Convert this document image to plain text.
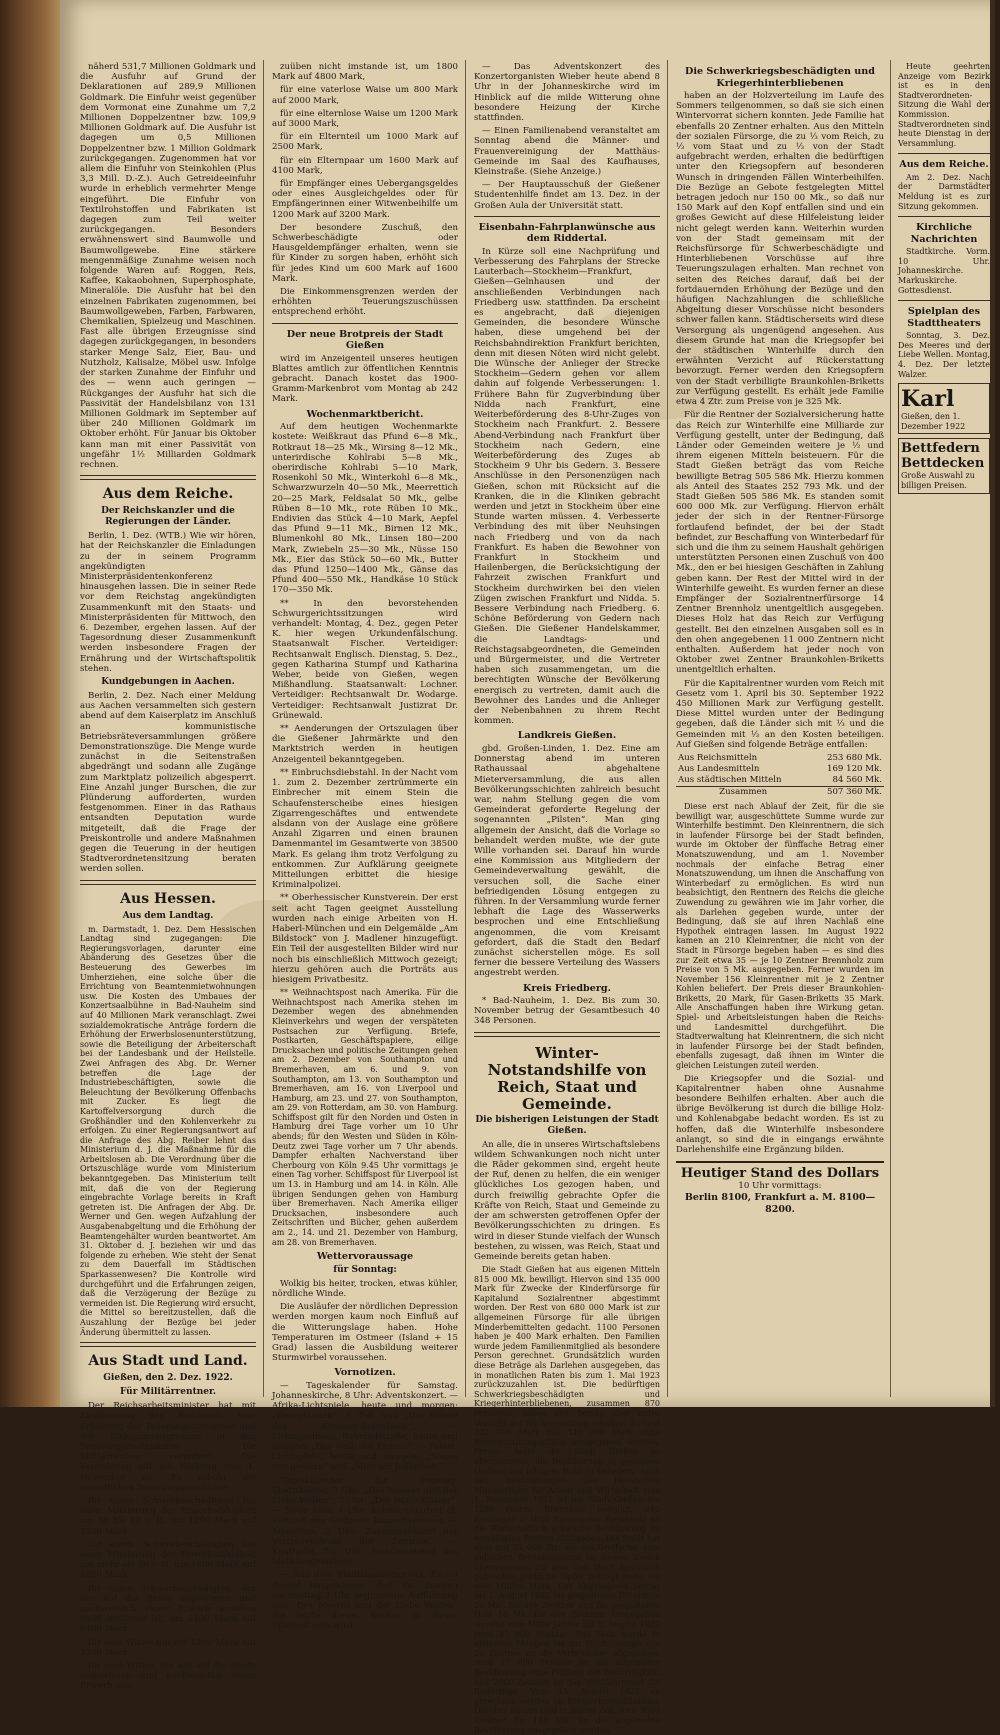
näherd 531,7 Millionen Goldmark und die Ausfuhr auf Grund der Deklarationen auf 289,9 Millionen Goldmark. Die Einfuhr weist gegenüber dem Vormonat eine Zunahme um 7,2 Millionen Doppelzentner bzw. 109,9 Millionen Goldmark auf. Die Ausfuhr ist dagegen um 0,5 Millionen Doppelzentner bzw. 1 Million Goldmark zurückgegangen. Zugenommen hat vor allem die Einfuhr von Steinkohlen (Plus 3,3 Mill. D.-Z.). Auch Getreideeinfuhr wurde in erheblich vermehrter Menge eingeführt. Die Einfuhr von Textilrohstoffen und Fabrikaten ist dagegen zum Teil weiter zurückgegangen. Besonders erwähnenswert sind Baumwolle und Baumwollgewebe. Eine stärkere mengenmäßige Zunahme weisen noch folgende Waren auf: Roggen, Reis, Kaffee, Kakaobohnen, Superphosphate, Mineralöle. Die Ausfuhr hat bei den einzelnen Fabrikaten zugenommen, bei Baumwollgeweben, Farben, Farbwaren, Chemikalien, Spielzeug und Maschinen. Fast alle übrigen Erzeugnisse sind dagegen zurückgegangen, in besonders starker Menge Salz, Eier, Bau- und Nutzholz, Kalisalze, Möbel usw. Infolge der starken Zunahme der Einfuhr und des — wenn auch geringen — Rückganges der Ausfuhr hat sich die Passivität der Handelsbilanz von 131 Millionen Goldmark im September auf über 240 Millionen Goldmark im Oktober erhöht. Für Januar bis Oktober kann man mit einer Passivität von ungefähr 1½ Milliarden Goldmark rechnen.

Aus dem Reiche.
Der Reichskanzler und die Regierungen der Länder.

Berlin, 1. Dez. (WTB.) Wie wir hören, hat der Reichskanzler die Einladungen zu der in seinem Programm angekündigten Ministerpräsidentenkonferenz hinausgehen lassen. Die in seiner Rede vor dem Reichstag angekündigten Zusammenkunft mit den Staats- und Ministerpräsidenten für Mittwoch, den 6. Dezember, ergehen lassen. Auf der Tagesordnung dieser Zusammenkunft werden insbesondere Fragen der Ernährung und der Wirtschaftspolitik stehen.

Kundgebungen in Aachen.

Berlin, 2. Dez. Nach einer Meldung aus Aachen versammelten sich gestern abend auf dem Kaiserplatz im Anschluß an kommunistische Betriebsräteversammlungen größere Demonstrationszüge. Die Menge wurde zunächst in die Seitenstraßen abgedrängt und sodann alle Zugänge zum Marktplatz polizeilich abgesperrt. Eine Anzahl junger Burschen, die zur Plünderung aufforderten, wurden festgenommen. Einer in das Rathaus entsandten Deputation wurde mitgeteilt, daß die Frage der Preiskontrolle und andere Maßnahmen gegen die Teuerung in der heutigen Stadtverordnetensitzung beraten werden sollen.

Aus Hessen.
Aus dem Landtag.

m. Darmstadt, 1. Dez. Dem Hessischen Landtag sind zugegangen: Die Regierungsvorlagen, darunter eine Abänderung des Gesetzes über die Besteuerung des Gewerbes im Umherziehen, eine solche über die Errichtung von Beamtenmietwohnungen usw. Die Kosten des Umbaues der Konzertsaalbühne in Bad-Nauheim sind auf 40 Millionen Mark veranschlagt. Zwei sozialdemokratische Anträge fordern die Erhöhung der Erwerbslosenunterstützung, sowie die Beteiligung der Arbeiterschaft bei der Landesbank und der Heilstelle. Zwei Anfragen des Abg. Dr. Werner betreffen die Lage der Industriebeschäftigten, sowie die Beleuchtung der Bevölkerung Offenbachs mit Zucker. Es liegt die Kartoffelversorgung durch die Großhändler und den Kohlenverkehr zu erfolgen. Zu einer Regierungsantwort auf die Anfrage des Abg. Reiber lehnt das Ministerium d. J. die Maßnahme für die Arbeitslosen ab. Die Verordnung über die Ortszuschläge wurde vom Ministerium bekanntgegeben. Das Ministerium teilt mit, daß die von der Regierung eingebrachte Vorlage bereits in Kraft getreten ist. Die Anfragen der Abg. Dr. Werner und Gen. wegen Aufzahlung der Ausgabenabgeltung und die Erhöhung der Beamtengehälter wurden beantwortet. Am 31. Oktober d. J. beziehen wir und das folgende zu erheben. Wie steht der Senat zu dem Dauerfall im Städtischen Sparkassenwesen? Die Kontrolle wird durchgeführt und die Erfahrungen zeigen, daß die Verzögerung der Bezüge zu vermeiden ist. Die Regierung wird ersucht, die Mittel so bereitzustellen, daß die Auszahlung der Bezüge bei jeder Änderung übermittelt zu lassen.

Aus Stadt und Land.
Gießen, den 2. Dez. 1922.
Für Militärrentner.

Der Reichsarbeitsminister hat mit Zustimmung des Reichsrats eine Erhöhung der Teuerungszuschüsse und der Einkommensgrenzen in den Teuerungsmaßnahmen für Militärrentner verordnet. Die Verordnung gilt mit Wirkung vom 1. November ab. Es erhöht die monatlichen Teuerungszuschüsse:

für einen Schwerbeschädigten bei einer Minderung der Erwerbsfähigkeit um 50 bis 80 v. H. um 1200 Mark auf 3200 Mark,

für einen Schwerbeschädigten bei einer Minderung der Erwerbsfähigkeit um mehr als 80 v. H. um 1600 Mark auf 4800 Mark,

für einen Schwerbeschädigten, der nur auf die Rente angewiesen und nachweislich einen Erwerb ausüben nicht imstande ist, um 2400 Mark auf 6400 Mark,

für eine Witwe um auf 1200 Mark auf 3200 Mark,

für eine Witwe, die nur auf die Rente angewiesen und nachweislich einen Erwerb aus-

zuüben nicht imstande ist, um 1800 Mark auf 4800 Mark,

für eine vaterlose Waise um 800 Mark auf 2000 Mark,

für eine elternlose Waise um 1200 Mark auf 3000 Mark,

für ein Elternteil um 1000 Mark auf 2500 Mark,

für ein Elternpaar um 1600 Mark auf 4100 Mark,

für Empfänger eines Uebergangsgeldes oder eines Ausgleichgeldes oder für Empfängerinnen einer Witwenbeihilfe um 1200 Mark auf 3200 Mark.

Der besondere Zuschuß, den Schwerbeschädigte oder Hausgeldempfänger erhalten, wenn sie für Kinder zu sorgen haben, erhöht sich für jedes Kind um 600 Mark auf 1600 Mark.

Die Einkommensgrenzen werden der erhöhten Teuerungszuschüssen entsprechend erhöht.

Der neue Brotpreis der Stadt Gießen

wird im Anzeigenteil unseres heutigen Blattes amtlich zur öffentlichen Kenntnis gebracht. Danach kostet das 1900-Gramm-Markenbrot vom Montag ab 242 Mark.

Wochenmarktbericht.

Auf dem heutigen Wochenmarkte kostete: Weißkraut das Pfund 6—8 Mk., Rotkraut 18—25 Mk., Wirsing 8—12 Mk., unterirdische Kohlrabi 5—8 Mk., oberirdische Kohlrabi 5—10 Mark, Rosenkohl 50 Mk., Winterkohl 6—8 Mk., Schwarzwurzeln 40—50 Mk., Meerrettich 20—25 Mark, Feldsalat 50 Mk., gelbe Rüben 8—10 Mk., rote Rüben 10 Mk., Endivien das Stück 4—10 Mark, Aepfel das Pfund 9—11 Mk., Birnen 12 Mk., Blumenkohl 80 Mk., Linsen 180—200 Mark, Zwiebeln 25—30 Mk., Nüsse 150 Mk., Eier das Stück 50—60 Mk., Butter das Pfund 1250—1400 Mk., Gänse das Pfund 400—550 Mk., Handkäse 10 Stück 170—350 Mk.

** In den bevorstehenden Schwurgerichtssitzungen wird verhandelt: Montag, 4. Dez., gegen Peter K. hier wegen Urkundenfälschung. Staatsanwalt Fischer. Verteidiger: Rechtsanwalt Englisch. Dienstag, 5. Dez., gegen Katharina Stumpf und Katharina Weber, beide von Gießen, wegen Mißhandlung. Staatsanwalt: Lochner. Verteidiger: Rechtsanwalt Dr. Wodarge. Verteidiger: Rechtsanwalt Justizrat Dr. Grünewald.

** Aenderungen der Ortszulagen über die Gießener Jahrmärkte und den Marktstrich werden in heutigen Anzeigenteil bekanntgegeben.

** Einbruchsdiebstahl. In der Nacht vom 1. zum 2. Dezember zertrümmerte ein Einbrecher mit einem Stein die Schaufensterscheibe eines hiesigen Zigarrengeschäftes und entwendete alsdann von der Auslage eine größere Anzahl Zigarren und einen braunen Damenmantel im Gesamtwerte von 38500 Mark. Es gelang ihm trotz Verfolgung zu entkommen. Zur Aufklärung geeignete Mitteilungen erbittet die hiesige Kriminalpolizei.

** Oberhessischer Kunstverein. Der erst seit acht Tagen geeignet Ausstellung wurden nach einige Arbeiten von H. Haberl-München und ein Delgemälde „Am Bildstock“ von J. Madlener hinzugefügt. Ein Teil der ausgestellten Bilder wird nur noch bis einschließlich Mittwoch gezeigt; hierzu gehören auch die Porträts aus hiesigem Privatbesitz.

** Weihnachtspost nach Amerika. Für die Weihnachtspost nach Amerika stehen im Dezember wegen des abnehmenden Kleinverkehrs und wegen der verspäteten Postsachen zur Verfügung. Briefe, Postkarten, Geschäftspapiere, eilige Drucksachen und politische Zeitungen gehen am 2. Dezember von Southampton und Bremerhaven, am 6. und 9. von Southampton, am 13. von Southampton und Bremerhaven, am 16. von Liverpool und Hamburg, am 23. und 27. von Southampton, am 29. von Rotterdam, am 30. von Hamburg. Schiffspost gilt für den Norden und Osten in Hamburg drei Tage vorher um 10 Uhr abends; für den Westen und Süden in Köln-Deutz zwei Tage vorher um 7 Uhr abends. Dampfer erhalten Nachverstand über Cherbourg von Köln 9.45 Uhr vormittags je einen Tag vorher. Schiffspost für Liverpool ist um 13. in Hamburg und am 14. in Köln. Alle übrigen Sendungen gehen von Hamburg über Bremerhaven. Nach Amerika eiliger Drucksachen, insbesondere auch Zeitschriften und Bücher, gehen außerdem am 2., 14. und 21. Dezember von Hamburg, am 28. von Bremerhaven.

Wettervoraussage
für Sonntag:

Wolkig bis heiter, trocken, etwas kühler, nördliche Winde.

Die Ausläufer der nördlichen Depression werden morgen kaum noch Einfluß auf die Witterungslage haben. Hohe Temperaturen im Ostmeer (Island + 15 Grad) lassen die Ausbildung weiterer Sturmwirbel voraussehen.

Vornotizen.

— Tageskalender für Samstag. Johanneskirche, 8 Uhr: Adventskonzert. — Afrika-Lichtspiele, heute und morgen: „Rezeptsaiten“, 5 Teil, und „Die Würde des Kammer-Scharbach“. — Lichtspielhaus, Bahnhofstraße, heute und morgen: „Das Weib des Pharao“. — Palast-Lichtspiele, heute und morgen: „Sonne von gestern“ und „Alles um Jeffischen“.

Tageskalender für Sonntag. Stadttheater, 3 Uhr: „Des Meeres und der Liebe Wellen“; 7 Uhr: „Der letzte Walzer“. — Neue Aula, 4 Uhr: Kehner-Quartett (2. Konzert des Gießener Konzertvereins). — Aquarium, 3 Uhr: Zusammenkunft der Vertrauensleute der Zentrale. — Kaufhalle, 7½ Uhr: Familienabend des Mathäusgemeinde.

— Aus dem Stadttheaterbureau. Es sei darauf hingewiesen, daß die morgen nachmittag 3 Uhr beginnende Aufführung von „Des Meeres und der Liebe Wellen“ die letzte dieses Werkes in dieser Spielzeit sein wird.

— Das Adventskonzert des Konzertorganisten Wieber heute abend 8 Uhr in der Johanneskirche wird im Hinblick auf die milde Witterung ohne besondere Heizung der Kirche stattfinden.

— Einen Familienabend veranstaltet am Sonntag abend die Männer- und Frauenvereinigung der Matthäus-Gemeinde im Saal des Kaufhauses, Kleinstraße. (Siehe Anzeige.)

— Der Hauptausschuß der Gießener Studentenhilfe findet am 13. Dez. in der Großen Aula der Universität statt.

Eisenbahn-Fahrplanwünsche aus dem Riddertal.

In Kürze soll eine Nachprüfung und Verbesserung des Fahrplans der Strecke Lauterbach—Stockheim—Frankfurt, Gießen—Gelnhausen und der anschließenden Verbindungen nach Friedberg usw. stattfinden. Da erscheint es angebracht, daß diejenigen Gemeinden, die besondere Wünsche haben, diese umgehend bei der Reichsbahndirektion Frankfurt berichten, denn mit diesen Nöten wird nicht gelebt. Die Wünsche der Anlieger der Strecke Stockheim—Gedern gehen vor allem dahin auf folgende Verbesserungen: 1. Frühere Bahn für Zugverbindung über Nidda nach Frankfurt, eine Weiterbeförderung des 8-Uhr-Zuges von Stockheim nach Frankfurt. 2. Bessere Abend-Verbindung nach Frankfurt über Stockheim nach Gedern, eine Weiterbeförderung des Zuges ab Stockheim 9 Uhr bis Gedern. 3. Bessere Anschlüsse in den Personenzügen nach Gießen, schon mit Rücksicht auf die Kranken, die in die Kliniken gebracht werden und jetzt in Stockheim über eine Stunde warten müssen. 4. Verbesserte Verbindung des mit über Neuhsingen nach Friedberg und von da nach Frankfurt. Es haben die Bewohner von Frankfurt in Stockheim und Hailenbergen, die Berücksichtigung der Fahrzeit zwischen Frankfurt und Stockheim durchwirken bei den vielen Zügen zwischen Frankfurt und Nidda. 5. Bessere Verbindung nach Friedberg. 6. Schöne Beförderung von Gedern nach Gießen. Die Gießener Handelskammer, die Landtags- und Reichstagsabgeordneten, die Gemeinden und Bürgermeister, und die Vertreter haben sich zusammengetan, um die berechtigten Wünsche der Bevölkerung energisch zu vertreten, damit auch die Bewohner des Landes und die Anlieger der Nebenbahnen zu ihrem Recht kommen.

Landkreis Gießen.

gbd. Großen-Linden, 1. Dez. Eine am Donnerstag abend im unteren Rathaussaal abgehaltene Mieterversammlung, die aus allen Bevölkerungsschichten zahlreich besucht war, nahm Stellung gegen die vom Gemeinderat geforderte Regelung der sogenannten „Pilsten“. Man ging allgemein der Ansicht, daß die Vorlage so behandelt werden mußte, wie der gute Wille vorhanden sei. Darauf hin wurde eine Kommission aus Mitgliedern der Gemeindeverwaltung gewählt, die versuchen soll, die Sache einer befriedigenden Lösung entgegen zu führen. In der Versammlung wurde ferner lebhaft die Lage des Wasserwerks besprochen und eine Entschließung angenommen, die vom Kreisamt gefordert, daß die Stadt den Bedarf zunächst sicherstellen möge. Es soll ferner die bessere Verteilung des Wassers angestrebt werden.

Kreis Friedberg.

* Bad-Nauheim, 1. Dez. Bis zum 30. November betrug der Gesamtbesuch 40 348 Personen.

Winter-Notstandshilfe von Reich, Staat und Gemeinde.
Die bisherigen Leistungen der Stadt Gießen.

An alle, die in unseres Wirtschaftslebens wildem Schwankungen noch nicht unter die Räder gekommen sind, ergeht heute der Ruf, denen zu helfen, die ein weniger glückliches Los gezogen haben, und durch freiwillig gebrachte Opfer die Kräfte von Reich, Staat und Gemeinde zu der am schwersten getroffenen Opfer der Bevölkerungsschichten zu dringen. Es wird in dieser Stunde vielfach der Wunsch bestehen, zu wissen, was Reich, Staat und Gemeinde bereits getan haben.

Die Stadt Gießen hat aus eigenen Mitteln 815 000 Mk. bewilligt. Hiervon sind 135 000 Mark für Zwecke der Kinderfürsorge für Kapitalund Sozialrentner abgestimmt worden. Der Rest von 680 000 Mark ist zur allgemeinen Fürsorge für alle übrigen Minderbemittelten gedacht. 1100 Personen haben je 400 Mark erhalten. Den Familien wurde jedem Familienmitglied als besondere Person gerechnet. Grundsätzlich wurden diese Beträge als Darlehen ausgegeben, das in monatlichen Raten bis zum 1. Mai 1923 zurückzuzahlen ist. Die bedürftigen Schwerkriegsbeschädigten und Kriegerhinterbliebenen, zusammen 870 Personen, haben den Betrag aber unter Verzicht auf Rückerstattung erhalten. Es sind 332 000 Mark mit 348 000 Mark ohne Rückerstattungspflicht ausgegeben worden. Ferner hatte die Stadt Gießen es übernommen, die Bevölkerung in gewissem Umfang mit billigem Holz zu beliefern. Auch den Bestimmungen des Hessischen Ministeriums für Arbeit und Wirtschaft vom 1. November 1921 ist die Stadt Gießen bei 1280 Festm. Brennholz beteiligt, 640 Festmeter = 1050 Raummeter Brennholz an die Wirtschaftlich schwache Bevölkerung zu ermäßigten Preisen abzugeben. Die Stadt hat aber nur 31 000 Ztr., als das Dreifache, zum jüdischen Brennholzstand zu diesem Zweck übernommen. Zu dem der Stadt hierdurch gebrachte geldliche Opfer beträgt mehr als eine Million Mark. Der Abgabepreis betrug bis 1. August 1922 für gespaltenes Brennholz 20 Mk., für den Zentner und für gespaltenes Holz 18 Mk. für den Zentner. Ausgegeben wurden vom Mitte Januar bis 1. August 1922 rund 41 000 Zentner. Das Holz wurde in kleineren Mengen bis zur Höchstmenge von 20 Zentner an die Verbraucher abgegeben, rund 17 000 Zentner an die allgemeine Bevölkerung ohne Prüfung der Bedürftigkeit, und 2000 Zentner an das Wohlfahrtsamt für Bedürftige. Vom 15. August 1922 ab gerechnet werden an Kriegerhinterbliebene, Darüber hinaus sind in letzter Zeit noch 3600 Zentner für 140 Mk. an die allgemeine Bevölkerung ausgegeben worden.

Die Schwerkriegsbeschädigten und Kriegerhinterbliebenen

haben an der Holzverteilung im Laufe des Sommers teilgenommen, so daß sie sich einen Wintervorrat sichern konnten. Jede Familie hat ebenfalls 20 Zentner erhalten. Aus den Mitteln der sozialen Fürsorge, die zu ⅓ vom Reich, zu ⅓ vom Staat und zu ⅓ von der Stadt aufgebracht werden, erhalten die bedürftigen unter den Kriegsopfern auf besonderen Wunsch in dringenden Fällen Winterbeihilfen. Die Bezüge an Gebote festgelegten Mittel betragen jedoch nur 150 00 Mk., so daß nur 150 Mark auf den Kopf entfallen sind und ein großes Gewicht auf diese Hilfeleistung leider nicht gelegt werden kann. Weiterhin wurden von der Stadt gemeinsam mit der Reichsfürsorge für Schwerbeschädigte und Hinterbliebenen Vorschüsse auf ihre Teuerungszulagen erhalten. Man rechnet von seiten des Reiches darauf, daß bei der fortdauernden Erhöhung der Bezüge und den häufigen Nachzahlungen die schließliche Abgeltung dieser Vorschüsse nicht besonders schwer fallen kann. Städtischerseits wird diese Versorgung als ungenügend angesehen. Aus diesem Grunde hat man die Kriegsopfer bei der städtischen Winterhilfe durch den erwähnten Verzicht auf Rückerstattung bevorzugt. Ferner werden den Kriegsopfern von der Stadt verbilligte Braunkohlen-Briketts zur Verfügung gestellt. Es erhält jede Familie etwa 4 Ztr. zum Preise von je 325 Mk.

Für die Rentner der Sozialversicherung hatte das Reich zur Winterhilfe eine Milliarde zur Verfügung gestellt, unter der Bedingung, daß Länder oder Gemeinden weitere je ½ und ihrem eigenen Mitteln beisteuern. Für die Stadt Gießen beträgt das vom Reiche bewilligte Betrag 505 586 Mk. Hierzu kommen als Anteil des Staates 252 793 Mk. und der Stadt Gießen 505 586 Mk. Es standen somit 600 000 Mk. zur Verfügung. Hiervon erhält jeder der sich in der Rentner-Fürsorge fortlaufend befindet, der bei der Stadt befindet, zur Beschaffung von Winterbedarf für sich und die ihm zu seinem Haushalt gehörigen unterstützten Personen einen Zuschuß von 400 Mk., den er bei hiesigen Geschäften in Zahlung geben kann. Der Rest der Mittel wird in der Winterhilfe geweiht. Es wurden ferner an diese Empfänger der Sozialrentnerfürsorge 14 Zentner Brennholz unentgeltlich ausgegeben. Dieses Holz hat das Reich zur Verfügung gestellt. Bei den einzelnen Ausgaben soll es in den ohen angegebenen 11 000 Zentnern nicht enthalten. Außerdem hat jeder noch von Oktober zwei Zentner Braunkohlen-Briketts unentgeltlich erhalten.

Für die Kapitalrentner wurden vom Reich mit Gesetz vom 1. April bis 30. September 1922 450 Millionen Mark zur Verfügung gestellt. Diese Mittel wurden unter der Bedingung gegeben, daß die Länder sich mit ⅓ und die Gemeinden mit ⅓ an den Kosten beteiligen. Auf Gießen sind folgende Beträge entfallen:

Aus Reichsmitteln	253 680 Mk.
Aus Landesmitteln	169 120 Mk.
Aus städtischen Mitteln	84 560 Mk.
Zusammen	507 360 Mk.

Diese erst nach Ablauf der Zeit, für die sie bewilligt war, ausgeschüttete Summe wurde zur Winterhilfe bestimmt. Den Kleinrentnern, die sich in laufender Fürsorge bei der Stadt befinden, wurde im Oktober der fünffache Betrag einer Monatszuwendung, und am 1. November nochmals der einfache Betrag einer Monatszuwendung, um ihnen die Anschaffung von Winterbedarf zu ermöglichen. Es wird nun beabsichtigt, den Rentnern des Reichs die gleiche Zuwendung zu gewähren wie im Jahr vorher, die als Darlehen gegeben wurde, unter der Bedingung, daß sie auf ihren Nachlaß eine Hypothek eintragen lassen. Im August 1922 kamen an 210 Kleinrentner, die nicht von der Stadt in Fürsorge begeben haben — es sind dies zur Zeit etwa 35 — je 10 Zentner Brennholz zum Preise von 5 Mk. ausgegeben. Ferner wurden im November 156 Kleinrentner mit je 2 Zentner Kohlen beliefert. Der Preis dieser Braunkohlen-Briketts, 20 Mark, für Gasen-Briketts 35 Mark. Alle Anschaffungen haben ihre Wirkung getan. Spiel- und Arbeitsleistungen haben die Reichs- und Landesmittel durchgeführt. Die Stadtverwaltung hat Kleinrentnern, die sich nicht in laufender Fürsorge bei der Stadt befinden, ebenfalls zugesagt, daß ihnen im Winter die gleichen Leistungen zuteil werden.

Die Kriegsopfer und die Sozial- und Kapitalrentner haben ohne Ausnahme besondere Beihilfen erhalten. Aber auch die übrige Bevölkerung ist durch die billige Holz- und Kohlenabgabe bedacht worden. Es ist zu hoffen, daß die Winterhilfe insbesondere anlangt, so sind die in eingangs erwähnte Darlehenshilfe eine Ergänzung bilden.

Heutiger Stand des Dollars
10 Uhr vormittags:
Berlin 8100, Frankfurt a. M. 8100—8200.

Heute geehrten Anzeige vom Bezirk ist es in den Stadtverordneten-Sitzung die Wahl der Kommission. Stadtverordneten sind heute Dienstag in der Versammlung.

Aus dem Reiche.

Am 2. Dez. Nach der Darmstädter Meldung ist es zur Sitzung gekommen.

Kirchliche Nachrichten

Stadtkirche. Vorm. 10 Uhr. Johanneskirche. Markuskirche. Gottesdienst.

Spielplan des Stadttheaters

Sonntag, 3. Dez. Des Meeres und der Liebe Wellen. Montag, 4. Dez. Der letzte Walzer.

Karl
Gießen, den 1. Dezember 1922
Bettfedern Bettdecken
Große Auswahl zu billigen Preisen.
